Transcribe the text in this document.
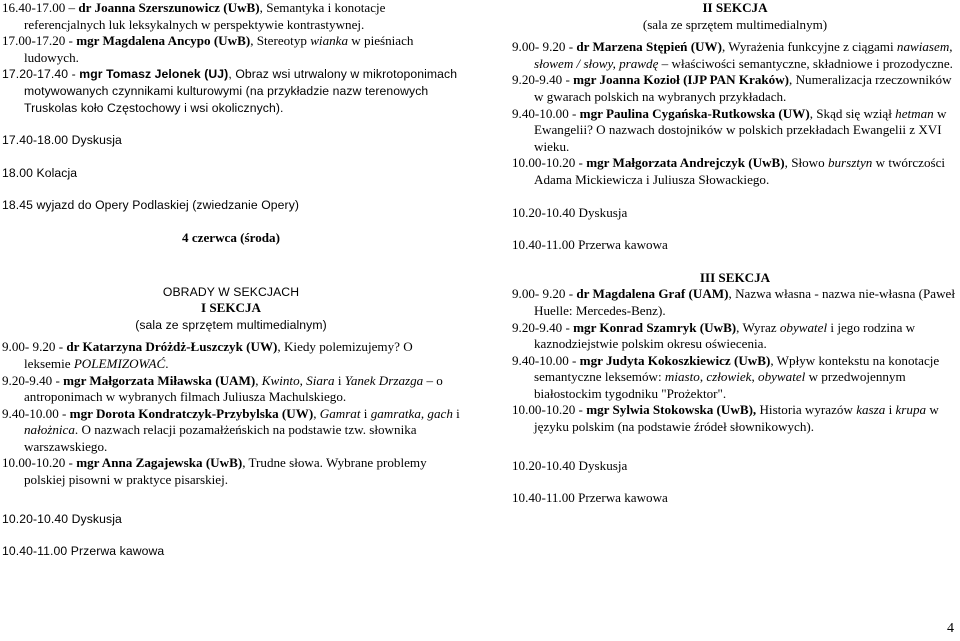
16.40-17.00 – dr Joanna Szerszunowicz (UwB), Semantyka i konotacje referencjalnych luk leksykalnych w perspektywie kontrastywnej.

17.00-17.20 - mgr Magdalena Ancypo (UwB), Stereotyp wianka w pieśniach ludowych.

17.20-17.40 - mgr Tomasz Jelonek (UJ), Obraz wsi utrwalony w mikrotoponimach motywowanych czynnikami kulturowymi (na przykładzie nazw terenowych Truskolas koło Częstochowy i wsi okolicznych).

17.40-18.00 Dyskusja

18.00 Kolacja

18.45 wyjazd do Opery Podlaskiej (zwiedzanie Opery)

4 czerwca (środa)

OBRADY W SEKCJACH

I SEKCJA

(sala ze sprzętem multimedialnym)

9.00- 9.20 - dr Katarzyna Dróżdż-Łuszczyk (UW), Kiedy polemizujemy? O leksemie POLEMIZOWAĆ.

9.20-9.40 - mgr Małgorzata Miławska (UAM), Kwinto, Siara i Yanek Drzazga – o antroponimach w wybranych filmach Juliusza Machulskiego.

9.40-10.00 - mgr Dorota Kondratczyk-Przybylska (UW), Gamrat i gamratka, gach i nałożnica. O nazwach relacji pozamałżeńskich na podstawie tzw. słownika warszawskiego.

10.00-10.20 - mgr Anna Zagajewska (UwB), Trudne słowa. Wybrane problemy polskiej pisowni w praktyce pisarskiej.

10.20-10.40 Dyskusja

10.40-11.00 Przerwa kawowa

II SEKCJA

(sala ze sprzętem multimedialnym)

9.00- 9.20 - dr Marzena Stępień (UW), Wyrażenia funkcyjne z ciągami nawiasem, słowem / słowy, prawdę – właściwości semantyczne, składniowe i prozodyczne.

9.20-9.40 - mgr Joanna Kozioł (IJP PAN Kraków), Numeralizacja rzeczowników w gwarach polskich na wybranych przykładach.

9.40-10.00 - mgr Paulina Cygańska-Rutkowska (UW), Skąd się wziął hetman w Ewangelii? O nazwach dostojników w polskich przekładach Ewangelii z XVI wieku.

10.00-10.20 - mgr Małgorzata Andrejczyk (UwB), Słowo bursztyn w twórczości Adama Mickiewicza i Juliusza Słowackiego.

10.20-10.40 Dyskusja

10.40-11.00 Przerwa kawowa

III SEKCJA

9.00- 9.20 - dr Magdalena Graf (UAM), Nazwa własna - nazwa nie-własna (Paweł Huelle: Mercedes-Benz).

9.20-9.40 - mgr Konrad Szamryk (UwB), Wyraz obywatel i jego rodzina w kaznodziejstwie polskim okresu oświecenia.

9.40-10.00 - mgr Judyta Kokoszkiewicz (UwB), Wpływ kontekstu na konotacje semantyczne leksemów: miasto, człowiek, obywatel w przedwojennym białostockim tygodniku "Prożektor".

10.00-10.20 - mgr Sylwia Stokowska (UwB), Historia wyrazów kasza i krupa w języku polskim (na podstawie źródeł słownikowych).

10.20-10.40 Dyskusja

10.40-11.00 Przerwa kawowa

4
